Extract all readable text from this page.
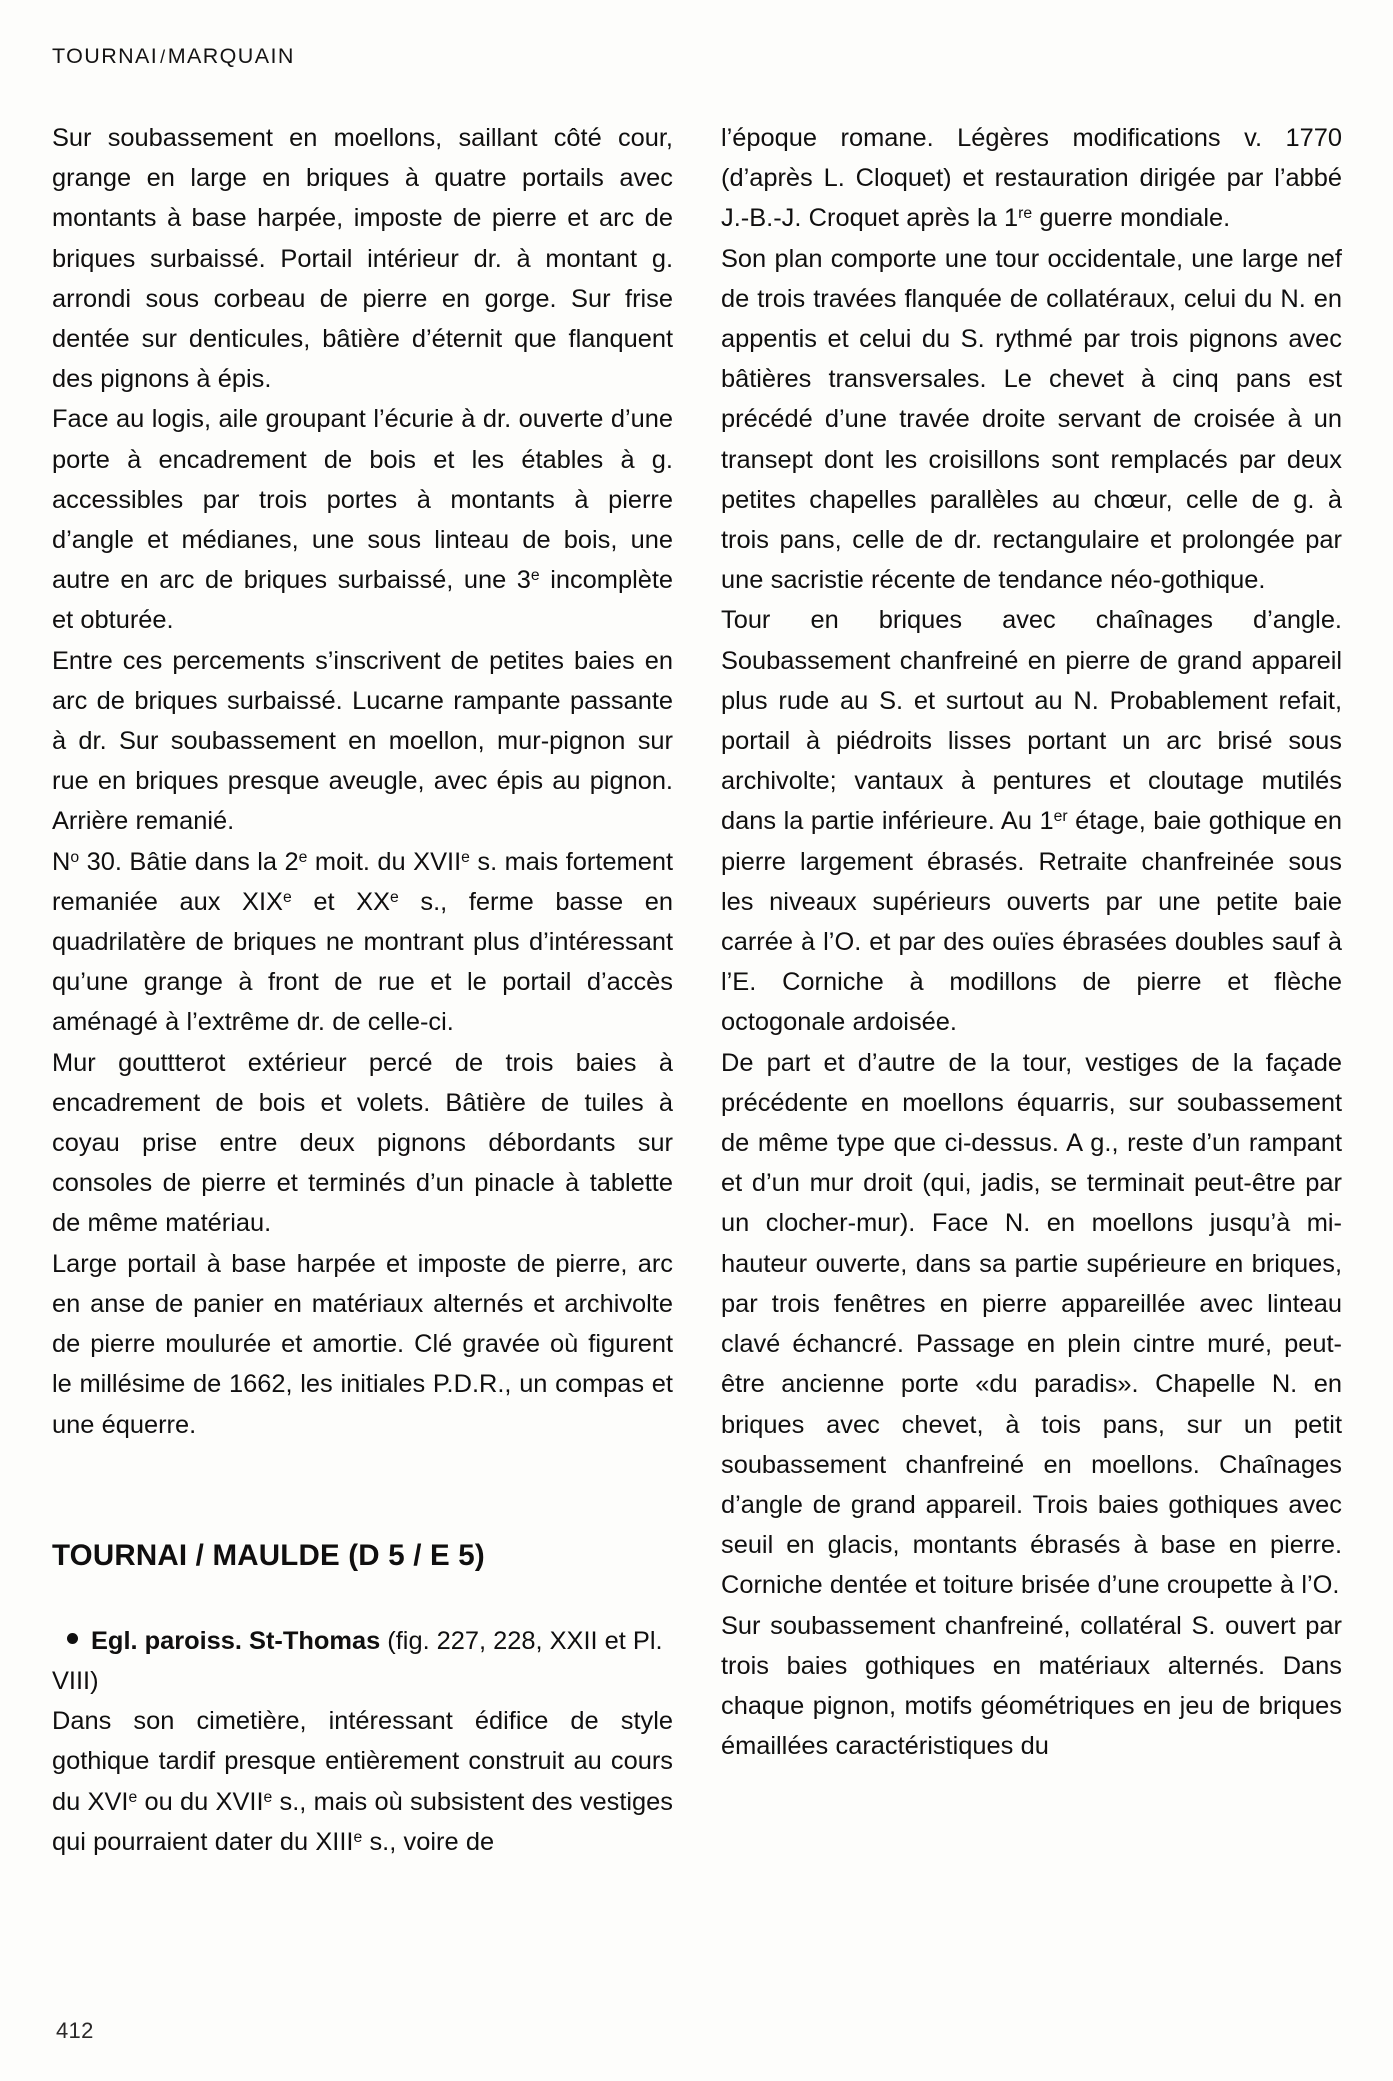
TOURNAI /MARQUAIN

Sur soubassement en moellons, saillant côté cour, grange en large en briques à quatre portails avec montants à base harpée, imposte de pierre et arc de briques surbaissé. Portail intérieur dr. à montant g. arrondi sous corbeau de pierre en gorge. Sur frise dentée sur denticules, bâtière d’éternit que flanquent des pignons à épis.

Face au logis, aile groupant l’écurie à dr. ouverte d’une porte à encadrement de bois et les étables à g. accessibles par trois portes à montants à pierre d’angle et médianes, une sous linteau de bois, une autre en arc de briques surbaissé, une 3e incomplète et obturée.

Entre ces percements s’inscrivent de petites baies en arc de briques surbaissé. Lucarne rampante passante à dr. Sur soubassement en moellon, mur-pignon sur rue en briques presque aveugle, avec épis au pignon. Arrière remanié.

$N^o$ 30. Bâtie dans la 2e moit. du XVIIe s. mais fortement remaniée aux XIXe et XXe s., ferme basse en quadrilatère de briques ne montrant plus d’intéressant qu’une grange à front de rue et le portail d’accès aménagé à l’extrême dr. de celle-ci.

Mur gouttterot extérieur percé de trois baies à encadrement de bois et volets. Bâtière de tuiles à coyau prise entre deux pignons débordants sur consoles de pierre et terminés d’un pinacle à tablette de même matériau.

Large portail à base harpée et imposte de pierre, arc en anse de panier en matériaux alternés et archivolte de pierre moulurée et amortie. Clé gravée où figurent le millésime de 1662, les initiales P.D.R., un compas et une équerre.

TOURNAI / MAULDE (D 5 / E 5)
Egl. paroiss. St-Thomas (fig. 227, 228, XXII et Pl. VIII)

Dans son cimetière, intéressant édifice de style gothique tardif presque entièrement construit au cours du XVIe ou du XVIIe s., mais où subsistent des vestiges qui pourraient dater du XIIIe s., voire de

l’époque romane. Légères modifications v. 1770 (d’après L. Cloquet) et restauration dirigée par l’abbé J.-B.-J. Croquet après la 1re guerre mondiale.

Son plan comporte une tour occidentale, une large nef de trois travées flanquée de collatéraux, celui du N. en appentis et celui du S. rythmé par trois pignons avec bâtières transversales. Le chevet à cinq pans est précédé d’une travée droite servant de croisée à un transept dont les croisillons sont remplacés par deux petites chapelles parallèles au chœur, celle de g. à trois pans, celle de dr. rectangulaire et prolongée par une sacristie récente de tendance néo-gothique.

Tour en briques avec chaînages d’angle. Soubassement chanfreiné en pierre de grand appareil plus rude au S. et surtout au N. Probablement refait, portail à piédroits lisses portant un arc brisé sous archivolte; vantaux à pentures et cloutage mutilés dans la partie inférieure. Au 1er étage, baie gothique en pierre largement ébrasés. Retraite chanfreinée sous les niveaux supérieurs ouverts par une petite baie carrée à l’O. et par des ouïes ébrasées doubles sauf à l’E. Corniche à modillons de pierre et flèche octogonale ardoisée.

De part et d’autre de la tour, vestiges de la façade précédente en moellons équarris, sur soubassement de même type que ci-dessus. A g., reste d’un rampant et d’un mur droit (qui, jadis, se terminait peut-être par un clocher-mur). Face N. en moellons jusqu’à mi-hauteur ouverte, dans sa partie supérieure en briques, par trois fenêtres en pierre appareillée avec linteau clavé échancré. Passage en plein cintre muré, peut-être ancienne porte «du paradis». Chapelle N. en briques avec chevet, à tois pans, sur un petit soubassement chanfreiné en moellons. Chaînages d’angle de grand appareil. Trois baies gothiques avec seuil en glacis, montants ébrasés à base en pierre. Corniche dentée et toiture brisée d’une croupette à l’O.

Sur soubassement chanfreiné, collatéral S. ouvert par trois baies gothiques en matériaux alternés. Dans chaque pignon, motifs géométriques en jeu de briques émaillées caractéristiques du

412
